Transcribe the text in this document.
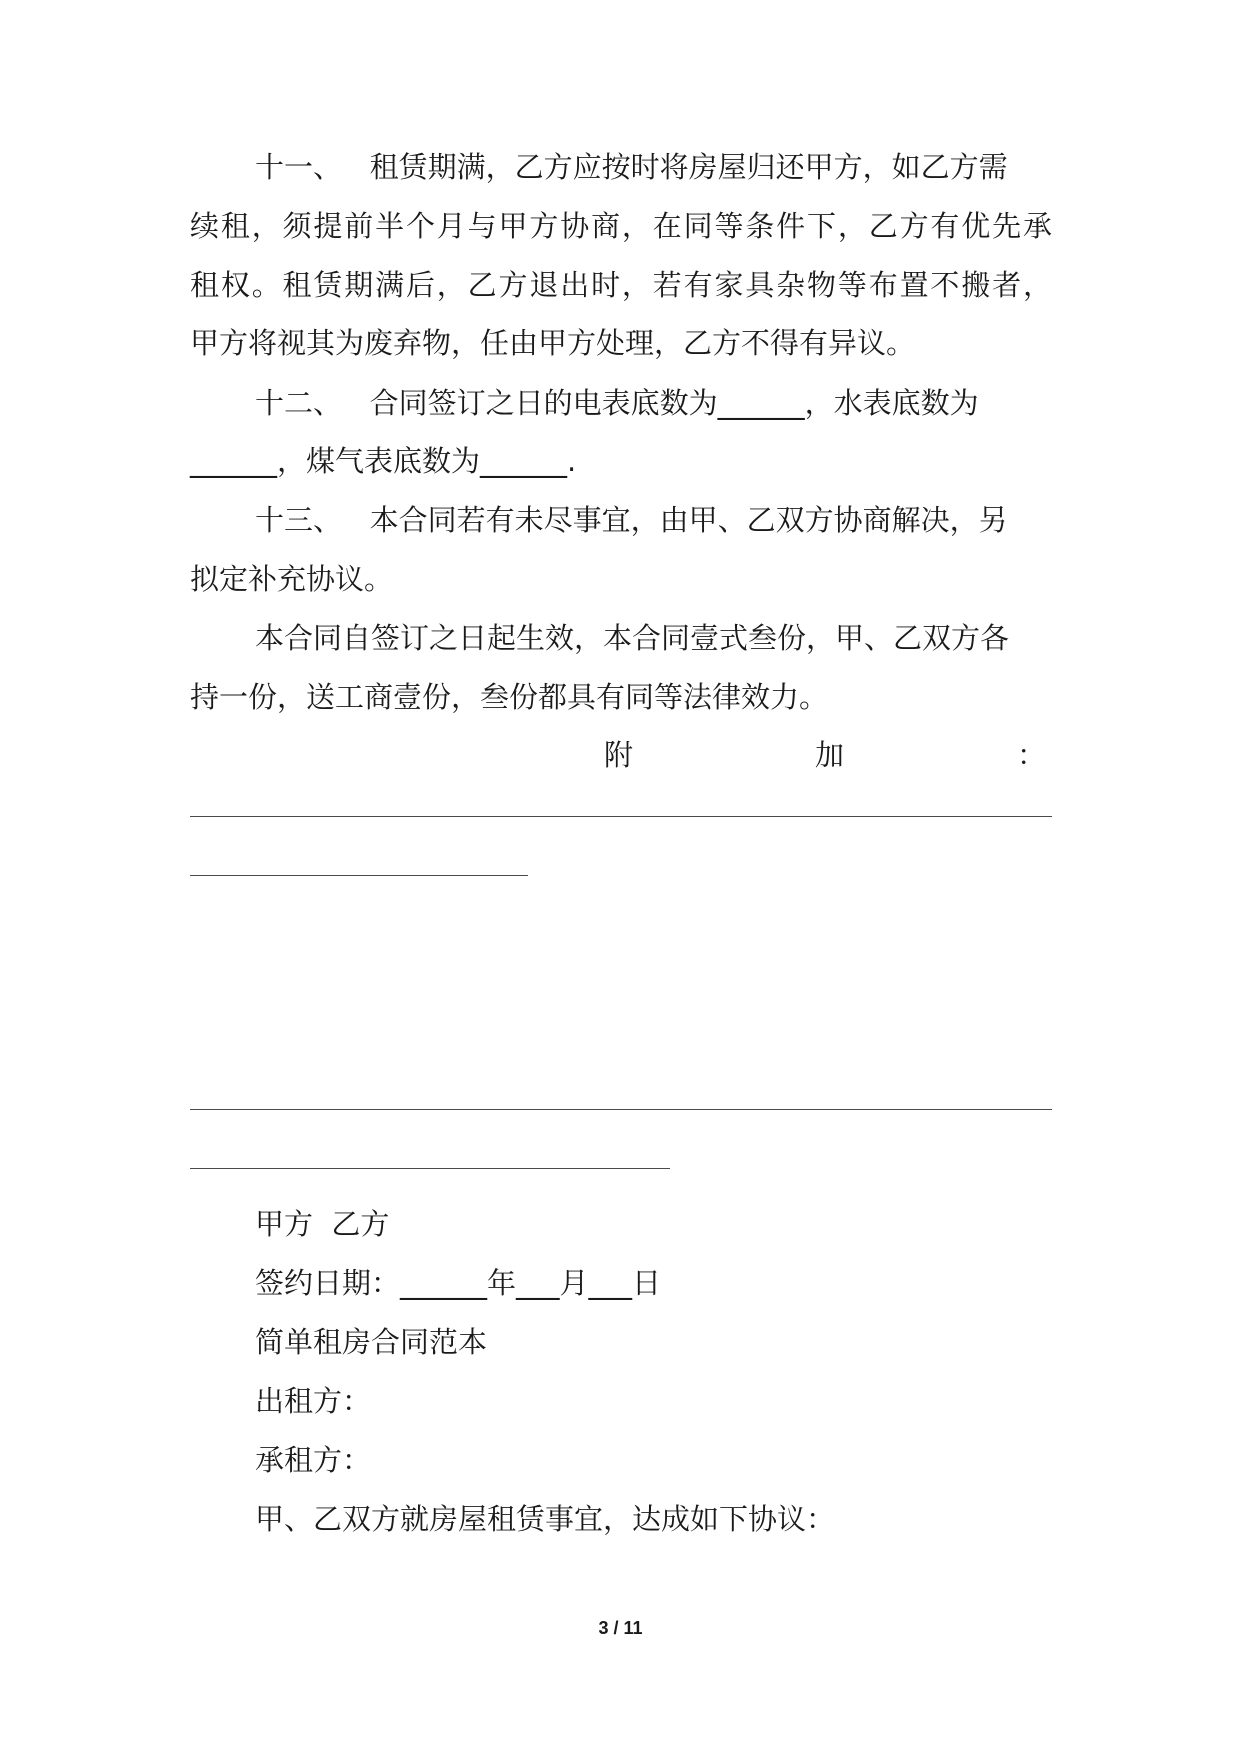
十一、   租赁期满，乙方应按时将房屋归还甲方，如乙方需
续租，须提前半个月与甲方协商，在同等条件下，乙方有优先承
租权。租赁期满后，乙方退出时，若有家具杂物等布置不搬者，
甲方将视其为废弃物，任由甲方处理，乙方不得有异议。
十二、   合同签订之日的电表底数为______，水表底数为
______，煤气表底数为______.
十三、   本合同若有未尽事宜，由甲、乙双方协商解决，另
拟定补充协议。
本合同自签订之日起生效，本合同壹式叁份，甲、乙双方各
持一份，送工商壹份，叁份都具有同等法律效力。
附	加	：
甲方  乙方
签约日期：______年___月___日
简单租房合同范本
出租方：
承租方：
甲、乙双方就房屋租赁事宜，达成如下协议：
3 / 11
